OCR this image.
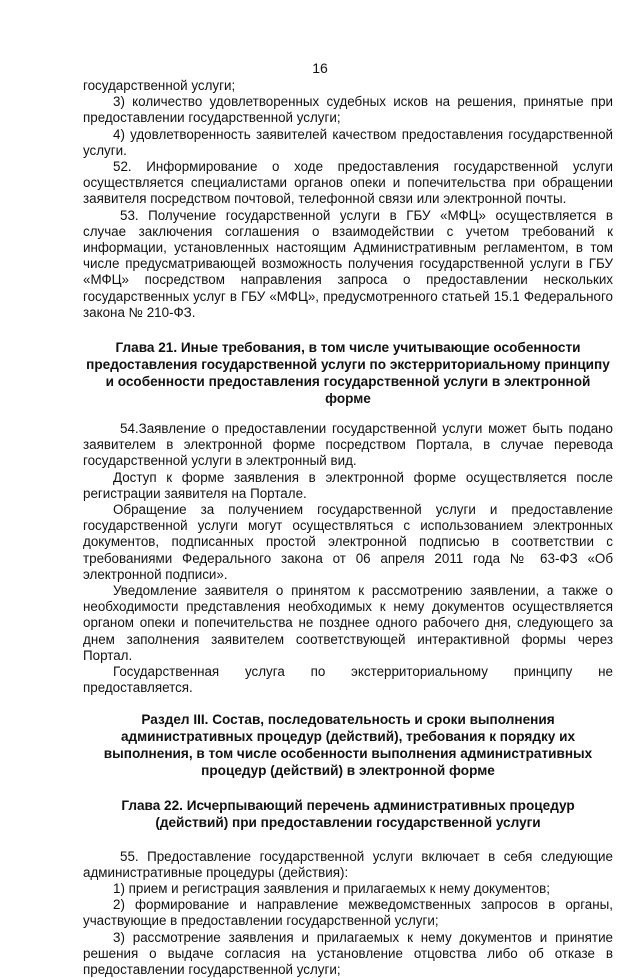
16

государственной услуги;

3) количество удовлетворенных судебных исков на решения, принятые при предоставлении государственной услуги;

4) удовлетворенность заявителей качеством предоставления государственной услуги.

52. Информирование о ходе предоставления государственной услуги осуществляется специалистами органов опеки и попечительства при обращении заявителя посредством почтовой, телефонной связи или электронной почты.

53. Получение государственной услуги в ГБУ «МФЦ» осуществляется в случае заключения соглашения о взаимодействии с учетом требований к информации, установленных настоящим Административным регламентом, в том числе предусматривающей возможность получения государственной услуги в ГБУ «МФЦ» посредством направления запроса о предоставлении нескольких государственных услуг в ГБУ «МФЦ», предусмотренного статьей 15.1 Федерального закона № 210-ФЗ.

Глава 21. Иные требования, в том числе учитывающие особенности предоставления государственной услуги по экстерриториальному принципу и особенности предоставления государственной услуги в электронной форме

54.Заявление о предоставлении государственной услуги может быть подано заявителем в электронной форме посредством Портала, в случае перевода государственной услуги в электронный вид.

Доступ к форме заявления в электронной форме осуществляется после регистрации заявителя на Портале.

Обращение за получением государственной услуги и предоставление государственной услуги могут осуществляться с использованием электронных документов, подписанных простой электронной подписью в соответствии с требованиями Федерального закона от 06 апреля 2011 года № 63-ФЗ «Об электронной подписи».

Уведомление заявителя о принятом к рассмотрению заявлении, а также о необходимости представления необходимых к нему документов осуществляется органом опеки и попечительства не позднее одного рабочего дня, следующего за днем заполнения заявителем соответствующей интерактивной формы через Портал.

Государственная услуга по экстерриториальному принципу не предоставляется.

Раздел III. Состав, последовательность и сроки выполнения административных процедур (действий), требования к порядку их выполнения, в том числе особенности выполнения административных процедур (действий) в электронной форме

Глава 22. Исчерпывающий перечень административных процедур (действий) при предоставлении государственной услуги

55. Предоставление государственной услуги включает в себя следующие административные процедуры (действия):

1) прием и регистрация заявления и прилагаемых к нему документов;

2) формирование и направление межведомственных запросов в органы, участвующие в предоставлении государственной услуги;

3) рассмотрение заявления и прилагаемых к нему документов и принятие решения о выдаче согласия на установление отцовства либо об отказе в предоставлении государственной услуги;
